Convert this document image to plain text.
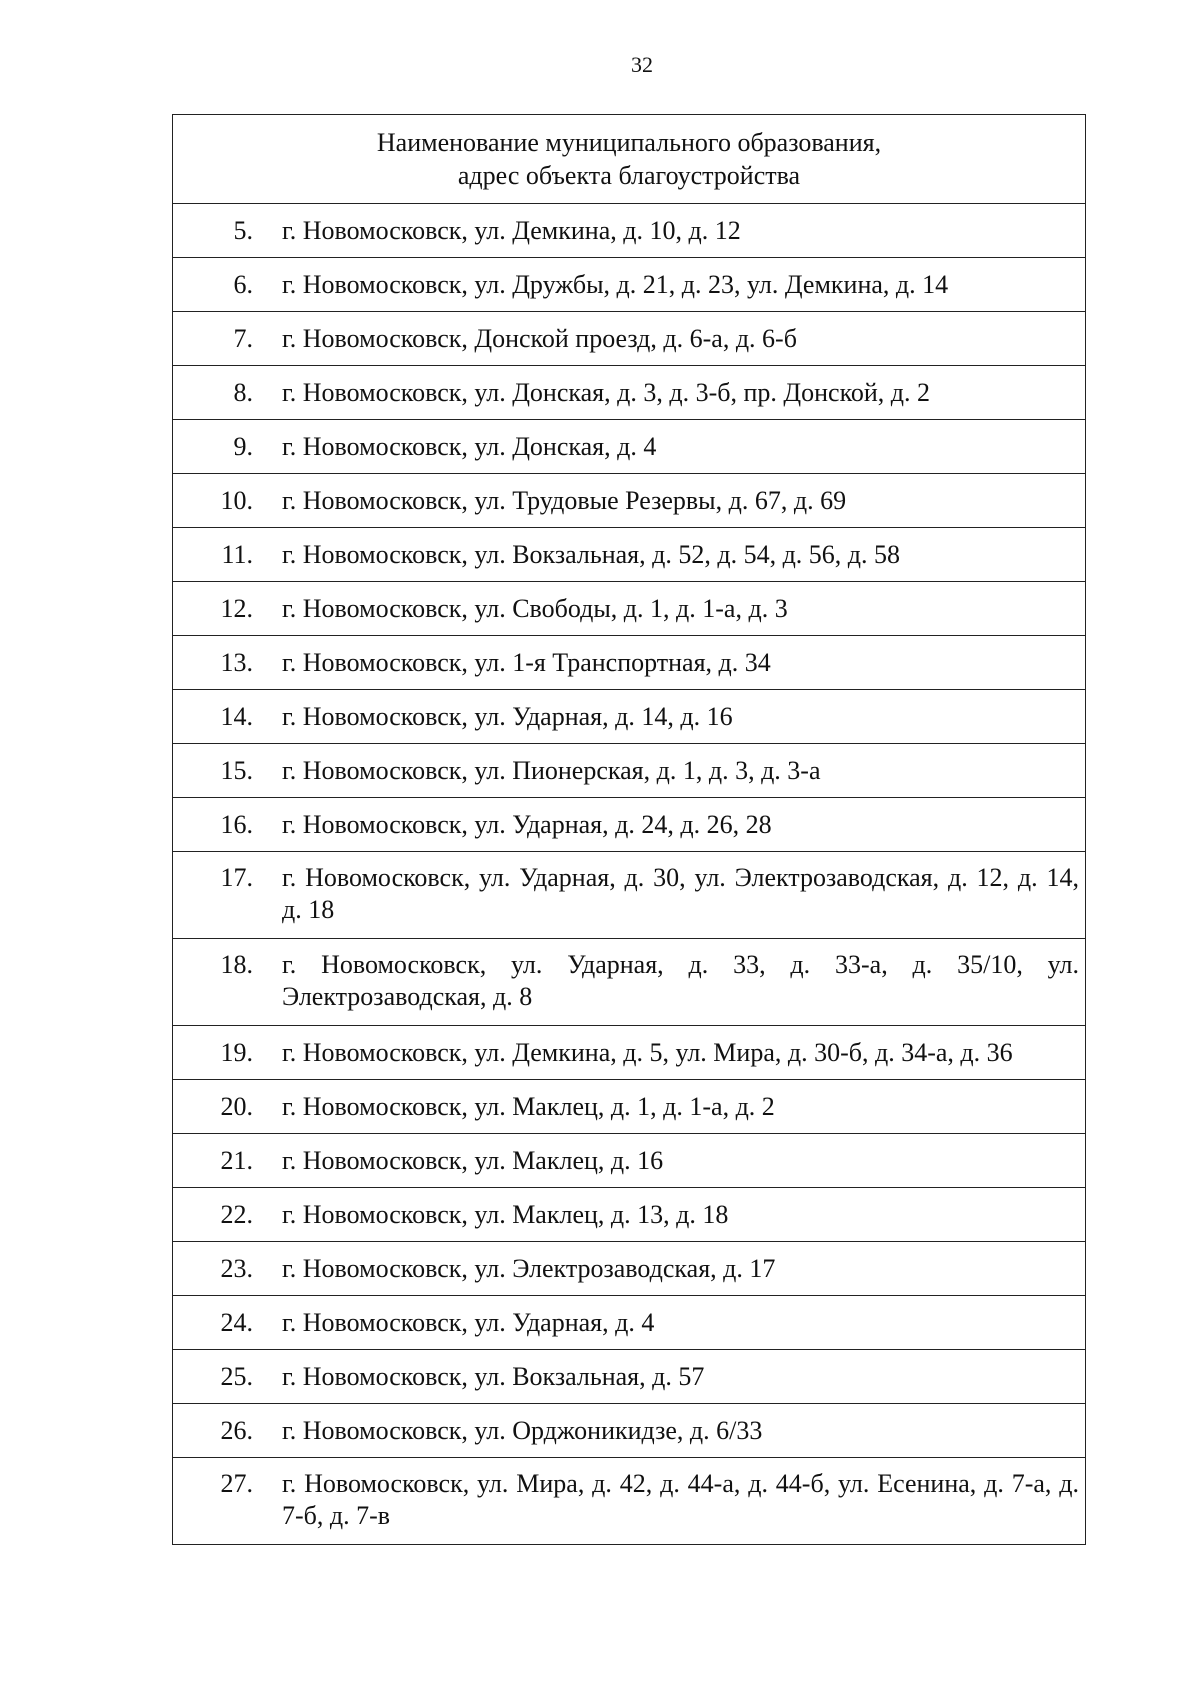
32
Наименование муниципального образования,
адрес объекта благоустройства

5.	г. Новомосковск, ул. Демкина, д. 10, д. 12

6.	г. Новомосковск, ул. Дружбы, д. 21, д. 23, ул. Демкина, д. 14

7.	г. Новомосковск, Донской проезд, д. 6-а, д. 6-б

8.	г. Новомосковск, ул. Донская, д. 3, д. 3-б, пр. Донской, д. 2

9.	г. Новомосковск, ул. Донская, д. 4

10.	г. Новомосковск, ул. Трудовые Резервы, д. 67, д. 69

11.	г. Новомосковск, ул. Вокзальная, д. 52, д. 54, д. 56, д. 58

12.	г. Новомосковск, ул. Свободы, д. 1, д. 1-а, д. 3

13.	г. Новомосковск, ул. 1-я Транспортная, д. 34

14.	г. Новомосковск, ул. Ударная, д. 14, д. 16

15.	г. Новомосковск, ул. Пионерская, д. 1, д. 3, д. 3-а

16.	г. Новомосковск, ул. Ударная, д. 24, д. 26, 28

17.	г. Новомосковск, ул. Ударная, д. 30, ул. Электрозаводская, д. 12, д. 14, д. 18

18.	г. Новомосковск, ул. Ударная, д. 33, д. 33-а, д. 35/10, ул. Электрозаводская, д. 8

19.	г. Новомосковск, ул. Демкина, д. 5, ул. Мира, д. 30-б, д. 34-а, д. 36

20.	г. Новомосковск, ул. Маклец, д. 1, д. 1-а, д. 2

21.	г. Новомосковск, ул. Маклец, д. 16

22.	г. Новомосковск, ул. Маклец, д. 13, д. 18

23.	г. Новомосковск, ул. Электрозаводская, д. 17

24.	г. Новомосковск, ул. Ударная, д. 4

25.	г. Новомосковск, ул. Вокзальная, д. 57

26.	г. Новомосковск, ул. Орджоникидзе, д. 6/33

27.	г. Новомосковск, ул. Мира, д. 42, д. 44-а, д. 44-б, ул. Есенина, д. 7-а, д. 7-б, д. 7-в
